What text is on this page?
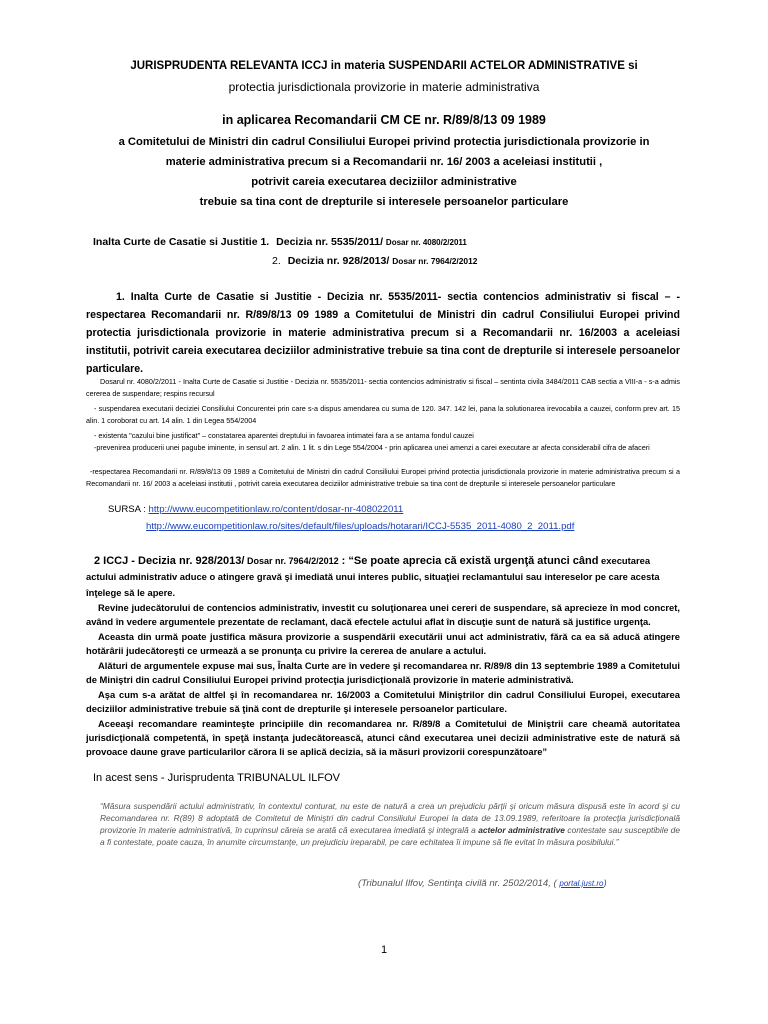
JURISPRUDENTA RELEVANTA ICCJ in materia SUSPENDARII ACTELOR ADMINISTRATIVE si
protectia jurisdictionala provizorie in materie administrativa
in aplicarea Recomandarii CM CE nr. R/89/8/13 09 1989
a Comitetului de Ministri din cadrul Consiliului Europei privind protectia jurisdictionala provizorie in
materie administrativa precum si a Recomandarii nr. 16/ 2003 a aceleiasi institutii ,
potrivit careia executarea deciziilor administrative
trebuie sa tina cont de drepturile si interesele persoanelor particulare
Inalta Curte de Casatie si Justitie 1. Decizia nr. 5535/2011/ Dosar nr. 4080/2/2011
2. Decizia nr. 928/2013/ Dosar nr. 7964/2/2012
1. Inalta Curte de Casatie si Justitie - Decizia nr. 5535/2011- sectia contencios administrativ si fiscal – - respectarea Recomandarii nr. R/89/8/13 09 1989 a Comitetului de Ministri din cadrul Consiliului Europei privind protectia jurisdictionala provizorie in materie administrativa precum si a Recomandarii nr. 16/2003 a aceleiasi institutii, potrivit careia executarea deciziilor administrative trebuie sa tina cont de drepturile si interesele persoanelor particulare.
Dosarul nr. 4080/2/2011 - Inalta Curte de Casatie si Justitie - Decizia nr. 5535/2011- sectia contencios administrativ si fiscal – sentinta civila 3484/2011 CAB sectia a VIII-a - s-a admis cererea de suspendare; respins recursul
- suspendarea executarii deciziei Consiliului Concurentei prin care s-a dispus amendarea cu suma de 120. 347. 142 lei, pana la solutionarea irevocabila a cauzei, conform prev art. 15 alin. 1 coroborat cu art. 14 alin. 1 din Legea 554/2004
- existenta "cazului bine justificat" – constatarea aparentei dreptului in favoarea intimatei fara a se antama fondul cauzei
-prevenirea producerii unei pagube iminente, in sensul art. 2 alin. 1 lit. s din Lege 554/2004 - prin aplicarea unei amenzi a carei executare ar afecta considerabil cifra de afaceri
-respectarea Recomandarii nr. R/89/8/13 09 1989 a Comitetului de Ministri din cadrul Consiliului Europei privind protectia jurisdictionala provizorie in materie administrativa precum si a Recomandarii nr. 16/ 2003 a aceleiasi institutii , potrivit careia executarea deciziilor administrative trebuie sa tina cont de drepturile si interesele persoanelor particulare
SURSA : http://www.eucompetitionlaw.ro/content/dosar-nr-408022011
http://www.eucompetitionlaw.ro/sites/default/files/uploads/hotarari/ICCJ-5535_2011-4080_2_2011.pdf
2 ICCJ - Decizia nr. 928/2013/ Dosar nr. 7964/2/2012 : “Se poate aprecia că există urgenţă atunci când executarea actului administrativ aduce o atingere gravă şi imediată unui interes public, situaţiei reclamantului sau intereselor pe care acesta înţelege să le apere.
Revine judecătorului de contencios administrativ, investit cu soluţionarea unei cereri de suspendare, să aprecieze în mod concret, având în vedere argumentele prezentate de reclamant, dacă efectele actului aflat în discuţie sunt de natură să justifice urgenţa.
Aceasta din urmă poate justifica măsura provizorie a suspendării executării unui act administrativ, fără ca ea să aducă atingere hotărârii judecătoreşti ce urmează a se pronunţa cu privire la cererea de anulare a actului.
Alături de argumentele expuse mai sus, Înalta Curte are în vedere şi recomandarea nr. R/89/8 din 13 septembrie 1989 a Comitetului de Miniştri din cadrul Consiliului Europei privind protecţia jurisdicţională provizorie în materie administrativă.
Aşa cum s-a arătat de altfel şi în recomandarea nr. 16/2003 a Comitetului Miniştrilor din cadrul Consiliului Europei, executarea deciziilor administrative trebuie să ţină cont de drepturile şi interesele persoanelor particulare.
Aceeaşi recomandare reaminteşte principiile din recomandarea nr. R/89/8 a Comitetului de Miniştrii care cheamă autoritatea jurisdicţională competentă, în speţă instanţa judecătorească, atunci când executarea unei decizii administrative este de natură să provoace daune grave particularilor cărora li se aplică decizia, să ia măsuri provizorii corespunzătoare”
In acest sens - Jurisprudenta TRIBUNALUL ILFOV
“Măsura suspendării actului administrativ, în contextul conturat, nu este de natură a crea un prejudiciu părţii şi oricum măsura dispusă este în acord şi cu Recomandarea nr. R(89) 8 adoptată de Comitetul de Miniştri din cadrul Consiliului Europei la data de 13.09.1989, referitoare la protecţia jurisdicţională provizorie în materie administrativă, în cuprinsul căreia se arată că executarea imediată şi integrală a actelor administrative contestate sau susceptibile de a fi contestate, poate cauza, în anumite circumstanţe, un prejudiciu ireparabil, pe care echitatea îi impune să fie evitat în măsura posibilului.”
(Tribunalul Ilfov, Sentinţa civilă nr. 2502/2014, ( portal.just.ro)
1
